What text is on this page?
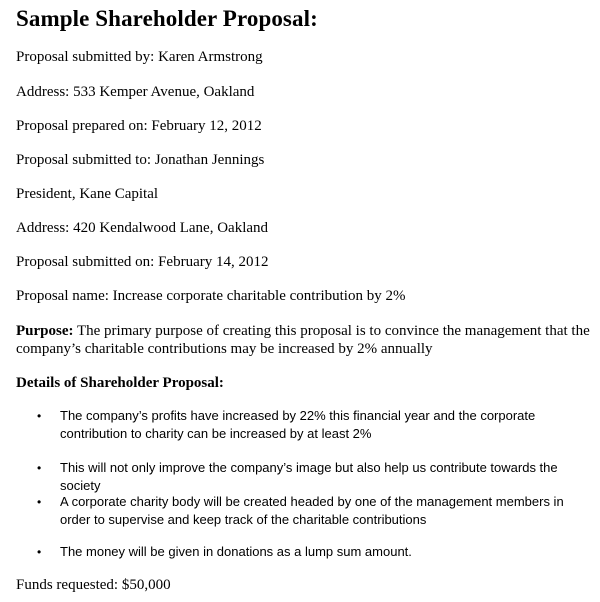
Sample Shareholder Proposal:
Proposal submitted by: Karen Armstrong
Address: 533 Kemper Avenue, Oakland
Proposal prepared on: February 12, 2012
Proposal submitted to: Jonathan Jennings
President, Kane Capital
Address: 420 Kendalwood Lane, Oakland
Proposal submitted on: February 14, 2012
Proposal name: Increase corporate charitable contribution by 2%
Purpose: The primary purpose of creating this proposal is to convince the management that the company’s charitable contributions may be increased by 2% annually
Details of Shareholder Proposal:
• The company’s profits have increased by 22% this financial year and the corporate contribution to charity can be increased by at least 2%
• This will not only improve the company’s image but also help us contribute towards the society
• A corporate charity body will be created headed by one of the management members in order to supervise and keep track of the charitable contributions
• The money will be given in donations as a lump sum amount.
Funds requested: $50,000
